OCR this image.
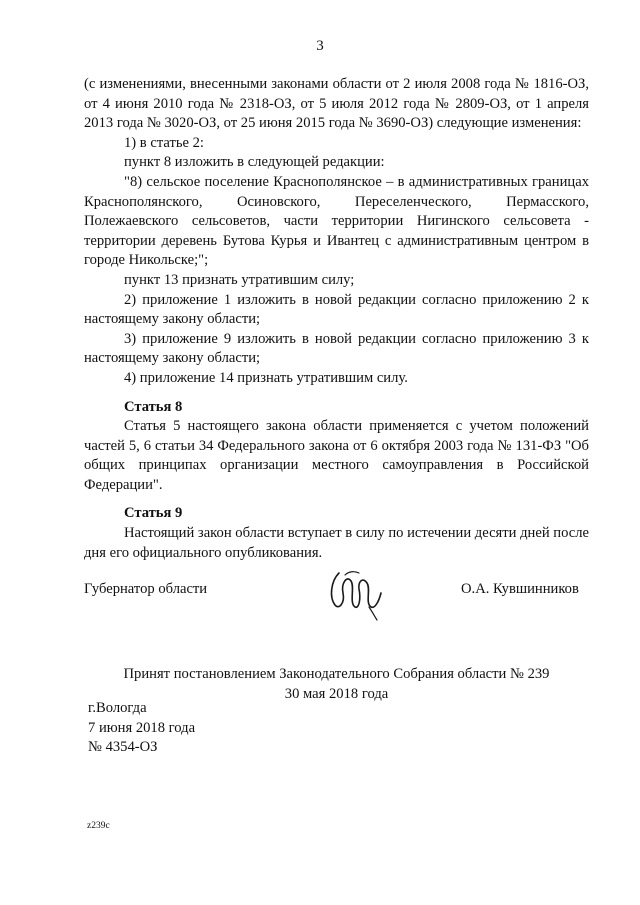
3

(с изменениями, внесенными законами области от 2 июля 2008 года № 1816-ОЗ, от 4 июня 2010 года № 2318-ОЗ, от 5 июля 2012 года № 2809-ОЗ, от 1 апреля 2013 года № 3020-ОЗ, от 25 июня 2015 года № 3690-ОЗ) следующие изменения:

1) в статье 2:

пункт 8 изложить в следующей редакции:

"8) сельское поселение Краснополянское – в административных границах Краснополянского, Осиновского, Переселенческого, Пермасского, Полежаевского сельсоветов, части территории Нигинского сельсовета - территории деревень Бутова Курья и Ивантец с административным центром в городе Никольске;";

пункт 13 признать утратившим силу;

2) приложение 1 изложить в новой редакции согласно приложению 2 к настоящему закону области;

3) приложение 9 изложить в новой редакции согласно приложению 3 к настоящему закону области;

4) приложение 14 признать утратившим силу.

Статья 8

Статья 5 настоящего закона области применяется с учетом положений частей 5, 6 статьи 34 Федерального закона от 6 октября 2003 года № 131-ФЗ "Об общих принципах организации местного самоуправления в Российской Федерации".

Статья 9

Настоящий закон области вступает в силу по истечении десяти дней после дня его официального опубликования.

Губернатор области	О.А. Кувшинников
Принят постановлением Законодательного Собрания области № 239
30 мая 2018 года
г.Вологда
7 июня 2018 года
№ 4354-ОЗ
z239c
